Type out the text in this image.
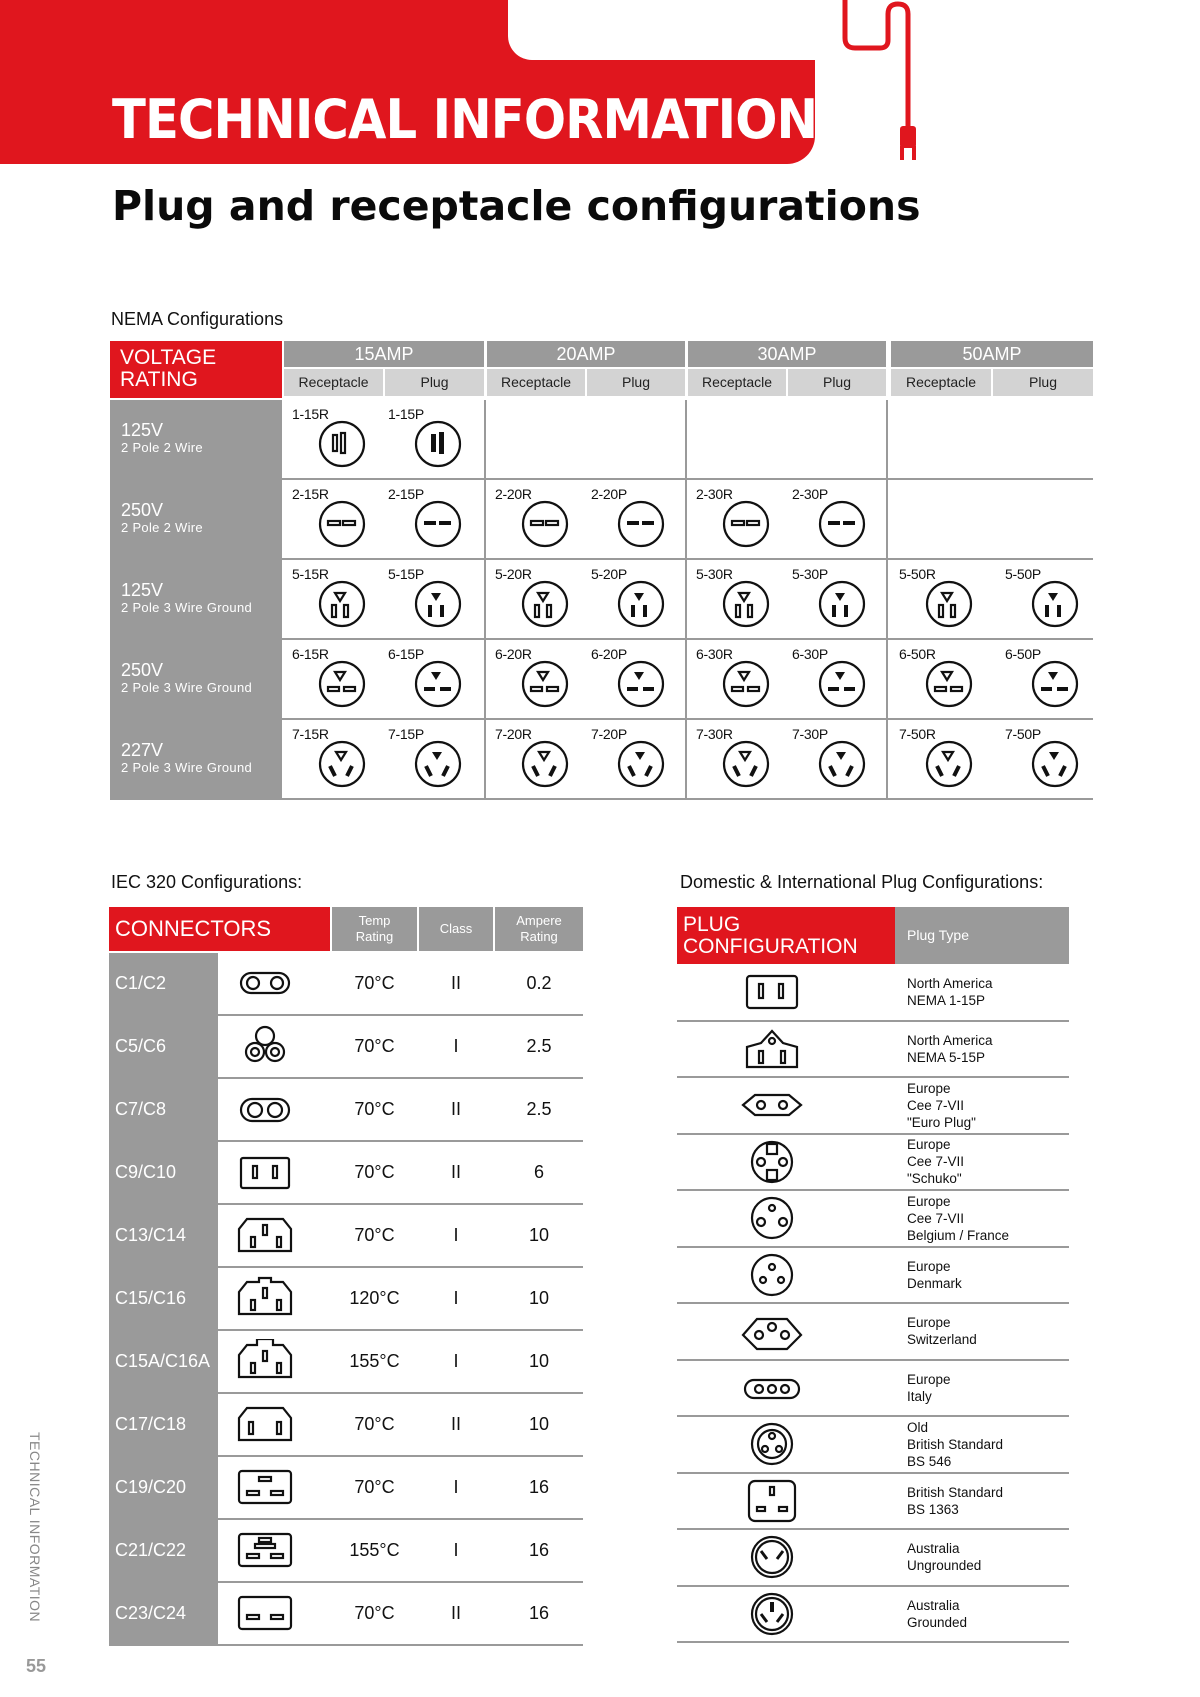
TECHNICAL INFORMATION
Plug and receptacle configurations
NEMA Configurations
VOLTAGE
RATING
15AMP
Receptacle	Plug
20AMP
Receptacle	Plug
30AMP
Receptacle	Plug
50AMP
Receptacle	Plug
125V
2 Pole 2 Wire
1-15R	1-15P
250V
2 Pole 2 Wire
2-15R	2-15P	2-20R	2-20P	2-30R	2-30P
125V
2 Pole 3 Wire Ground
5-15R	5-15P	5-20R	5-20P	5-30R	5-30P	5-50R	5-50P
250V
2 Pole 3 Wire Ground
6-15R	6-15P	6-20R	6-20P	6-30R	6-30P	6-50R	6-50P
227V
2 Pole 3 Wire Ground
7-15R	7-15P	7-20R	7-20P	7-30R	7-30P	7-50R	7-50P
IEC 320 Configurations:
CONNECTORS	Temp
Rating
Class
Ampere
Rating
C1/C2	70°C	II	0.2
C5/C6	70°C	I	2.5
C7/C8	70°C	II	2.5
C9/C10	70°C	II	6
C13/C14	70°C	I	10
C15/C16	120°C	I	10
C15A/C16A	155°C	I	10
C17/C18	70°C	II	10
C19/C20	70°C	I	16
C21/C22	155°C	I	16
C23/C24	70°C	II	16
Domestic & International Plug Configurations:
PLUG
CONFIGURATION	Plug Type
North America
NEMA 1-15P
North America
NEMA 5-15P
Europe
Cee 7-VII
"Euro Plug"
Europe
Cee 7-VII
"Schuko"
Europe
Cee 7-VII
Belgium / France
Europe
Denmark
Europe
Switzerland
Europe
Italy
Old
British Standard
BS 546
British Standard
BS 1363
Australia
Ungrounded
Australia
Grounded
TECHNICAL INFORMATION
55
